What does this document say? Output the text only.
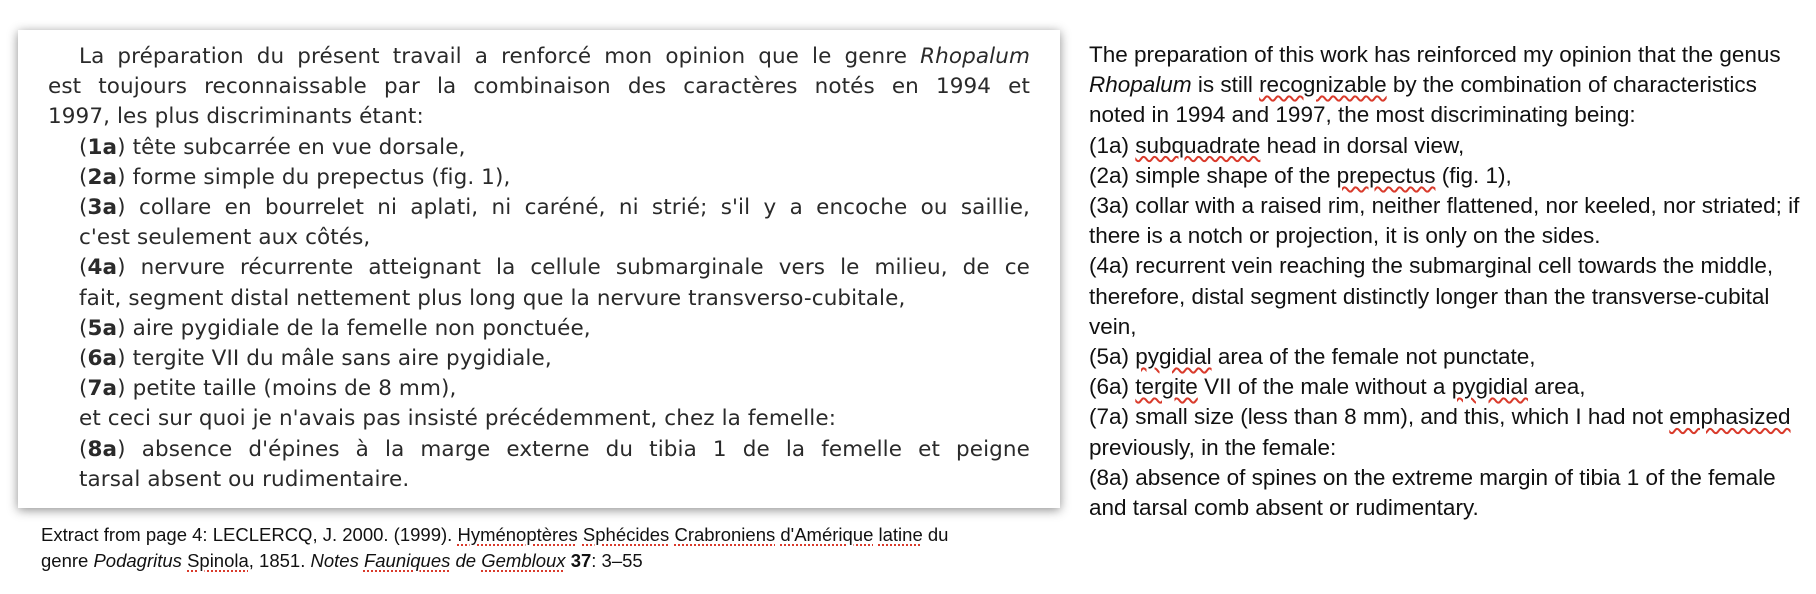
La préparation du présent travail a renforcé mon opinion que le genre Rhopalum

est toujours reconnaissable par la combinaison des caractères notés en 1994 et

1997, les plus discriminants étant:

(1a) tête subcarrée en vue dorsale,

(2a) forme simple du prepectus (fig. 1),

(3a) collare en bourrelet ni aplati, ni caréné, ni strié; s'il y a encoche ou saillie,

c'est seulement aux côtés,

(4a) nervure récurrente atteignant la cellule submarginale vers le milieu, de ce

fait, segment distal nettement plus long que la nervure transverso-cubitale,

(5a) aire pygidiale de la femelle non ponctuée,

(6a) tergite VII du mâle sans aire pygidiale,

(7a) petite taille (moins de 8 mm),

et ceci sur quoi je n'avais pas insisté précédemment, chez la femelle:

(8a) absence d'épines à la marge externe du tibia 1 de la femelle et peigne

tarsal absent ou rudimentaire.

Extract from page 4: LECLERCQ, J. 2000. (1999). Hyménoptères Sphécides Crabroniens d'Amérique latine du
genre Podagritus Spinola, 1851. Notes Fauniques de Gembloux 37: 3–55

The preparation of this work has reinforced my opinion that the genus Rhopalum is still recognizable by the combination of characteristics noted in 1994 and 1997, the most discriminating being:

(1a) subquadrate head in dorsal view,

(2a) simple shape of the prepectus (fig. 1),

(3a) collar with a raised rim, neither flattened, nor keeled, nor striated; if there is a notch or projection, it is only on the sides.

(4a) recurrent vein reaching the submarginal cell towards the middle, therefore, distal segment distinctly longer than the transverse-cubital vein,

(5a) pygidial area of the female not punctate,

(6a) tergite VII of the male without a pygidial area,

(7a) small size (less than 8 mm), and this, which I had not emphasized previously, in the female:

(8a) absence of spines on the extreme margin of tibia 1 of the female and tarsal comb absent or rudimentary.
